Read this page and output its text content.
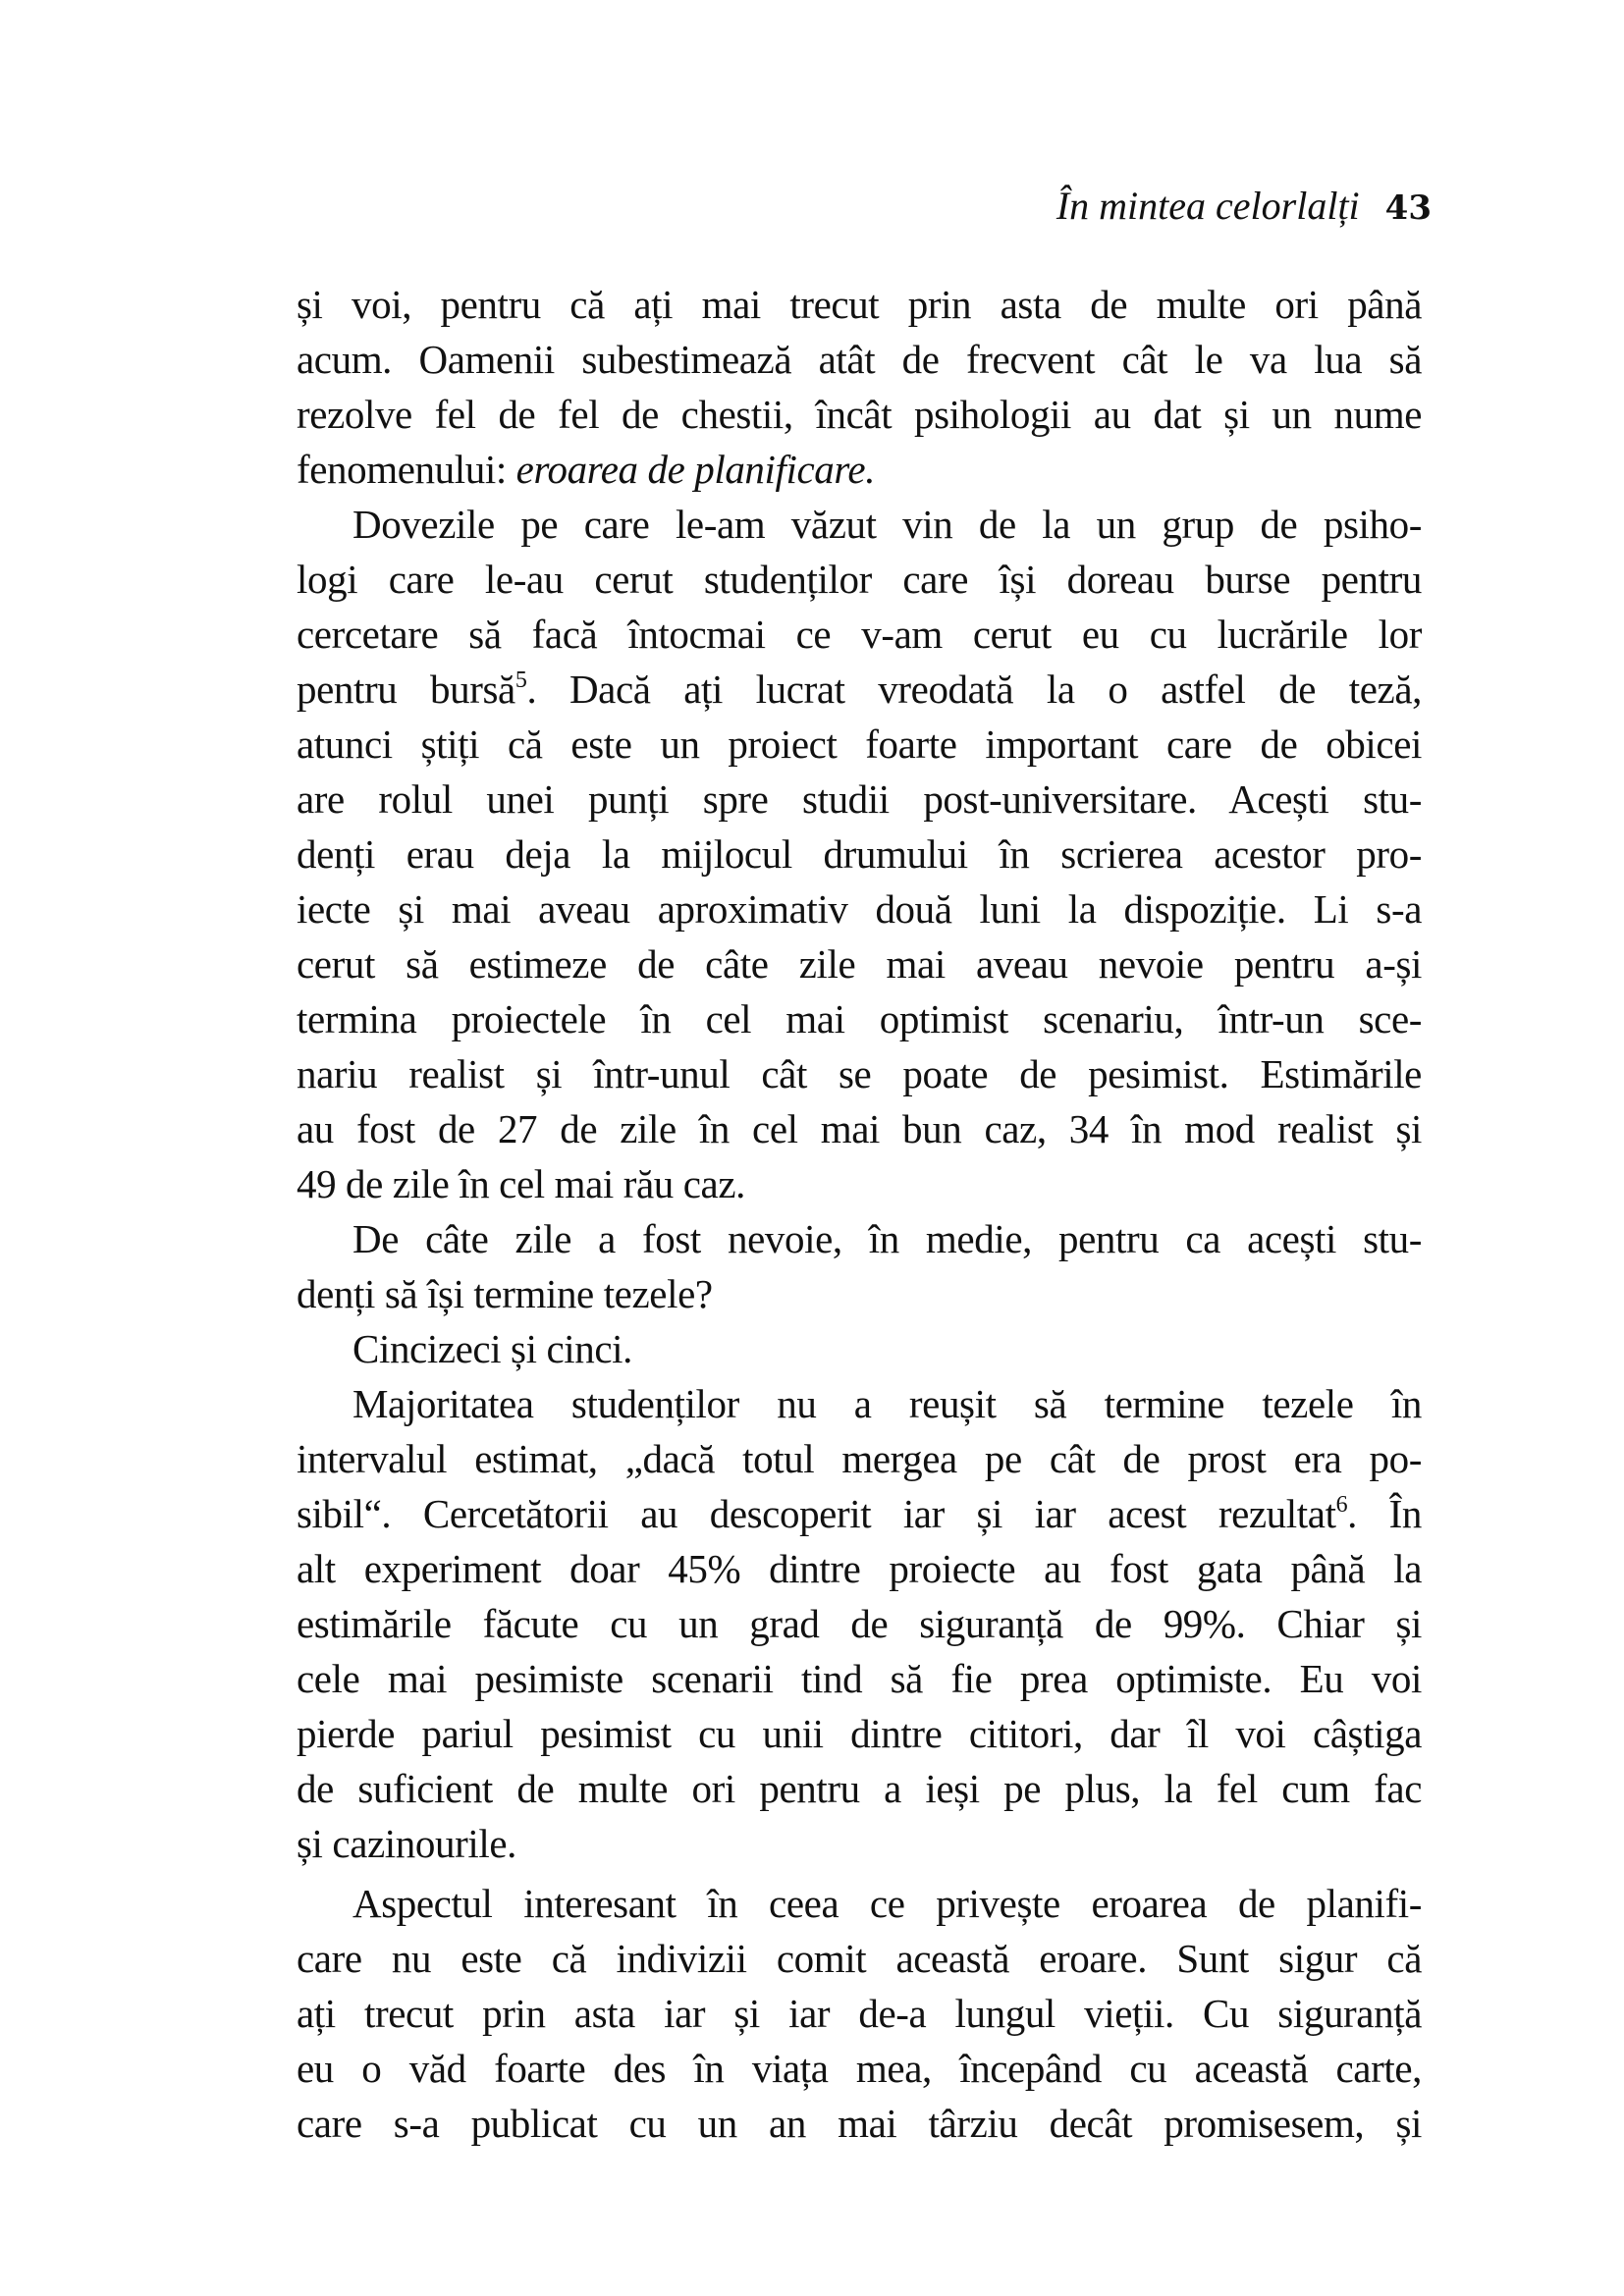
În mintea celorlalți 43
și voi, pentru că ați mai trecut prin asta de multe ori până
acum. Oamenii subestimează atât de frecvent cât le va lua să
rezolve fel de fel de chestii, încât psihologii au dat și un nume
fenomenului: eroarea de planificare.
Dovezile pe care le-am văzut vin de la un grup de psiho-
logi care le-au cerut studenților care își doreau burse pentru
cercetare să facă întocmai ce v-am cerut eu cu lucrările lor
pentru bursă$^5$. Dacă ați lucrat vreodată la o astfel de teză,
atunci știți că este un proiect foarte important care de obicei
are rolul unei punți spre studii post-universitare. Acești stu-
denți erau deja la mijlocul drumului în scrierea acestor pro-
iecte și mai aveau aproximativ două luni la dispoziție. Li s-a
cerut să estimeze de câte zile mai aveau nevoie pentru a-și
termina proiectele în cel mai optimist scenariu, într-un sce-
nariu realist și într-unul cât se poate de pesimist. Estimările
au fost de 27 de zile în cel mai bun caz, 34 în mod realist și
49 de zile în cel mai rău caz.
De câte zile a fost nevoie, în medie, pentru ca acești stu-
denți să își termine tezele?
Cincizeci și cinci.
Majoritatea studenților nu a reușit să termine tezele în
intervalul estimat, „dacă totul mergea pe cât de prost era po-
sibil“. Cercetătorii au descoperit iar și iar acest rezultat$^6$. În
alt experiment doar 45% dintre proiecte au fost gata până la
estimările făcute cu un grad de siguranță de 99%. Chiar și
cele mai pesimiste scenarii tind să fie prea optimiste. Eu voi
pierde pariul pesimist cu unii dintre cititori, dar îl voi câștiga
de suficient de multe ori pentru a ieși pe plus, la fel cum fac
și cazinourile.
Aspectul interesant în ceea ce privește eroarea de planifi-
care nu este că indivizii comit această eroare. Sunt sigur că
ați trecut prin asta iar și iar de-a lungul vieții. Cu siguranță
eu o văd foarte des în viața mea, începând cu această carte,
care s-a publicat cu un an mai târziu decât promisesem, și
